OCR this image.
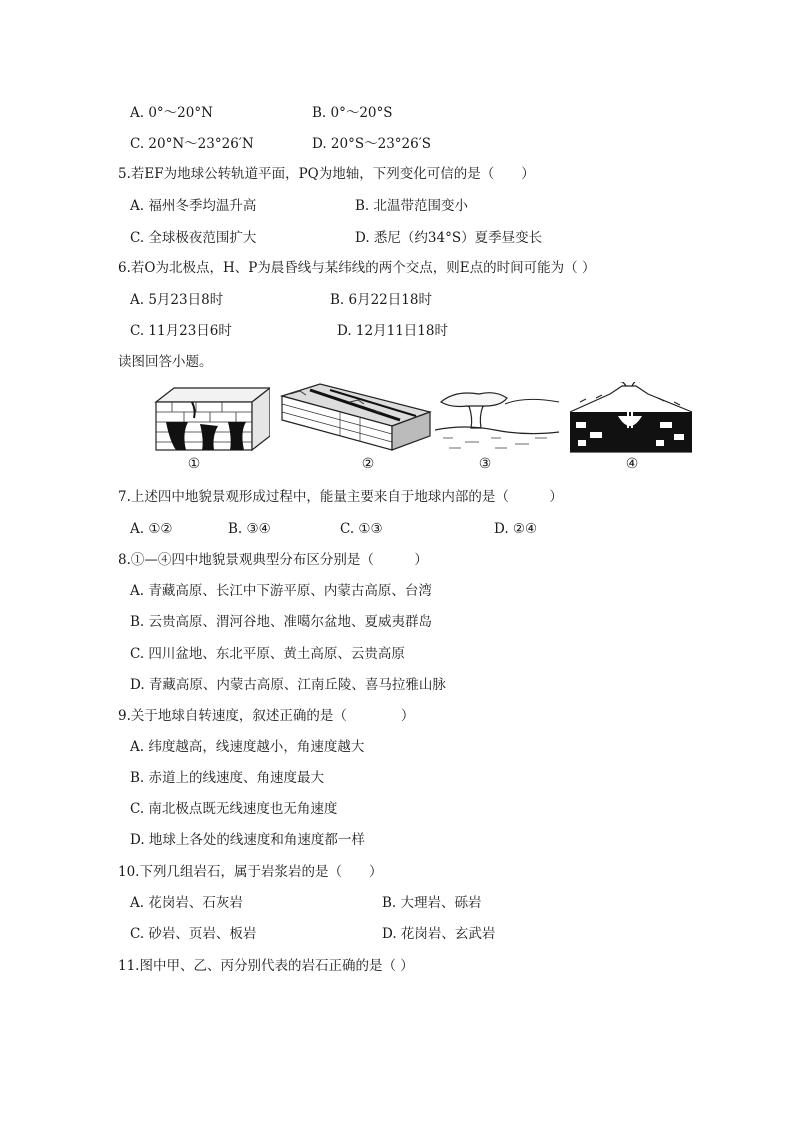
A. 0°～20°N	B. 0°～20°S
C. 20°N～23°26′N	D. 20°S～23°26′S
5.若EF为地球公转轨道平面，PQ为地轴，下列变化可信的是（　　）
A. 福州冬季均温升高	B. 北温带范围变小
C. 全球极夜范围扩大	D. 悉尼（约34°S）夏季昼变长
6.若O为北极点，H、P为晨昏线与某纬线的两个交点，则E点的时间可能为（ ）
A. 5月23日8时	B. 6月22日18时
C. 11月23日6时	D. 12月11日18时
读图回答小题。
①	②	③	④
7.上述四中地貌景观形成过程中，能量主要来自于地球内部的是（　　　）
A. ①②	B. ③④	C. ①③	D. ②④
8.①—④四中地貌景观典型分布区分别是（　　　）
A. 青藏高原、长江中下游平原、内蒙古高原、台湾
B. 云贵高原、渭河谷地、准噶尔盆地、夏威夷群岛
C. 四川盆地、东北平原、黄土高原、云贵高原
D. 青藏高原、内蒙古高原、江南丘陵、喜马拉雅山脉
9.关于地球自转速度，叙述正确的是（　　　　）
A. 纬度越高，线速度越小，角速度越大
B. 赤道上的线速度、角速度最大
C. 南北极点既无线速度也无角速度
D. 地球上各处的线速度和角速度都一样
10.下列几组岩石，属于岩浆岩的是（　　）
A. 花岗岩、石灰岩	B. 大理岩、砾岩
C. 砂岩、页岩、板岩	D. 花岗岩、玄武岩
11.图中甲、乙、丙分别代表的岩石正确的是（ ）
